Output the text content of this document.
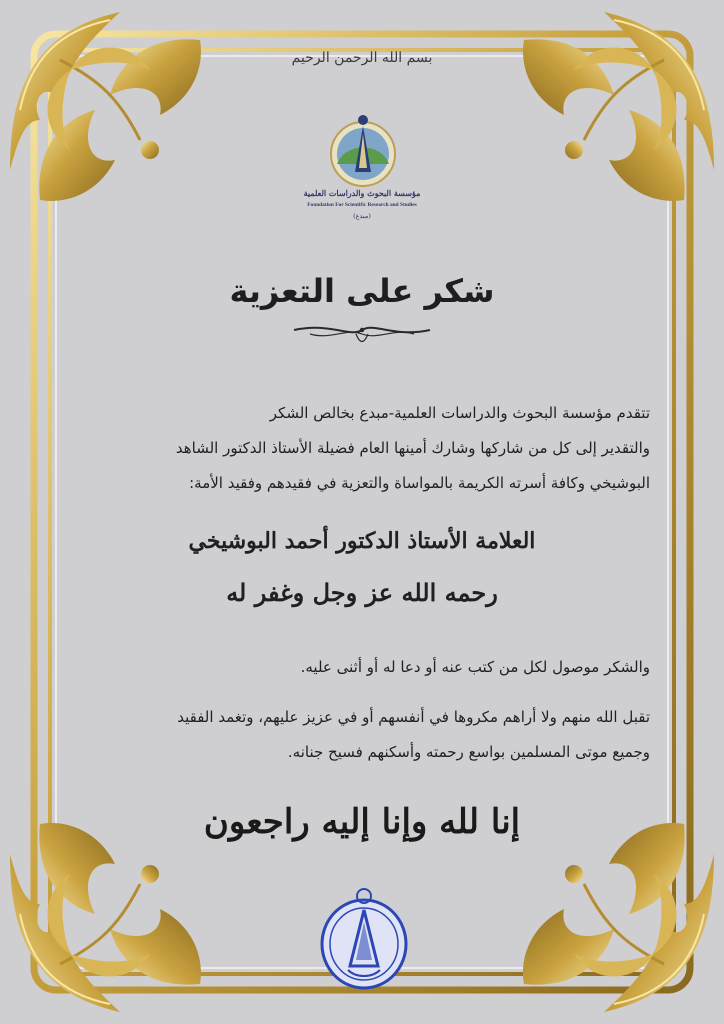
بسم الله الرحمن الرحيم
مؤسسة البحوث والدراسات العلمية
Foundation For Scientific Research and Studies
(مبدع)
شكر على التعزية
تتقدم مؤسسة البحوث والدراسات العلمية-مبدع بخالص الشكر
والتقدير إلى كل من شاركها وشارك أمينها العام فضيلة الأستاذ الدكتور الشاهد
البوشيخي وكافة أسرته الكريمة بالمواساة والتعزية في فقيدهم وفقيد الأمة:
العلامة الأستاذ الدكتور أحمد البوشيخي
رحمه الله عز وجل وغفر له
والشكر موصول لكل من كتب عنه أو دعا له أو أثنى عليه.
تقبل الله منهم ولا أراهم مكروها في أنفسهم أو في عزيز عليهم، وتغمد الفقيد
وجميع موتى المسلمين بواسع رحمته وأسكنهم فسيح جنانه.
إنا لله وإنا إليه راجعون
